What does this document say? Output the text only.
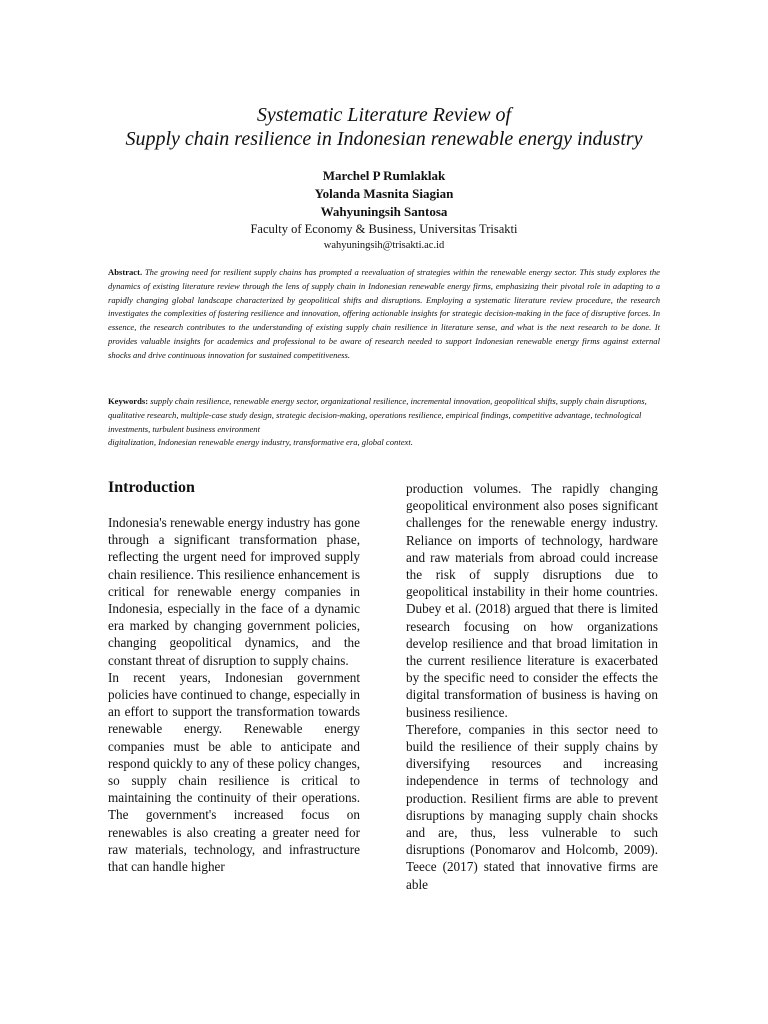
Systematic Literature Review of

Supply chain resilience in Indonesian renewable energy industry

Marchel P Rumlaklak
Yolanda Masnita Siagian
Wahyuningsih Santosa
Faculty of Economy & Business, Universitas Trisakti
wahyuningsih@trisakti.ac.id
Abstract. The growing need for resilient supply chains has prompted a reevaluation of strategies within the renewable energy sector. This study explores the dynamics of existing literature review through the lens of supply chain in Indonesian renewable energy firms, emphasizing their pivotal role in adapting to a rapidly changing global landscape characterized by geopolitical shifts and disruptions. Employing a systematic literature review procedure, the research investigates the complexities of fostering resilience and innovation, offering actionable insights for strategic decision-making in the face of disruptive forces. In essence, the research contributes to the understanding of existing supply chain resilience in literature sense, and what is the next research to be done. It provides valuable insights for academics and professional to be aware of research needed to support Indonesian renewable energy firms against external shocks and drive continuous innovation for sustained competitiveness.
Keywords: supply chain resilience, renewable energy sector, organizational resilience, incremental innovation, geopolitical shifts, supply chain disruptions, qualitative research, multiple-case study design, strategic decision-making, operations resilience, empirical findings, competitive advantage, technological investments, turbulent business environment
digitalization, Indonesian renewable energy industry, transformative era, global context.
Introduction

Indonesia's renewable energy industry has gone through a significant transformation phase, reflecting the urgent need for improved supply chain resilience. This resilience enhancement is critical for renewable energy companies in Indonesia, especially in the face of a dynamic era marked by changing government policies, changing geopolitical dynamics, and the constant threat of disruption to supply chains.

In recent years, Indonesian government policies have continued to change, especially in an effort to support the transformation towards renewable energy. Renewable energy companies must be able to anticipate and respond quickly to any of these policy changes, so supply chain resilience is critical to maintaining the continuity of their operations. The government's increased focus on renewables is also creating a greater need for raw materials, technology, and infrastructure that can handle higher

production volumes. The rapidly changing geopolitical environment also poses significant challenges for the renewable energy industry. Reliance on imports of technology, hardware and raw materials from abroad could increase the risk of supply disruptions due to geopolitical instability in their home countries. Dubey et al. (2018) argued that there is limited research focusing on how organizations develop resilience and that broad limitation in the current resilience literature is exacerbated by the specific need to consider the effects the digital transformation of business is having on business resilience.

Therefore, companies in this sector need to build the resilience of their supply chains by diversifying resources and increasing independence in terms of technology and production. Resilient firms are able to prevent disruptions by managing supply chain shocks and are, thus, less vulnerable to such disruptions (Ponomarov and Holcomb, 2009). Teece (2017) stated that innovative firms are able
